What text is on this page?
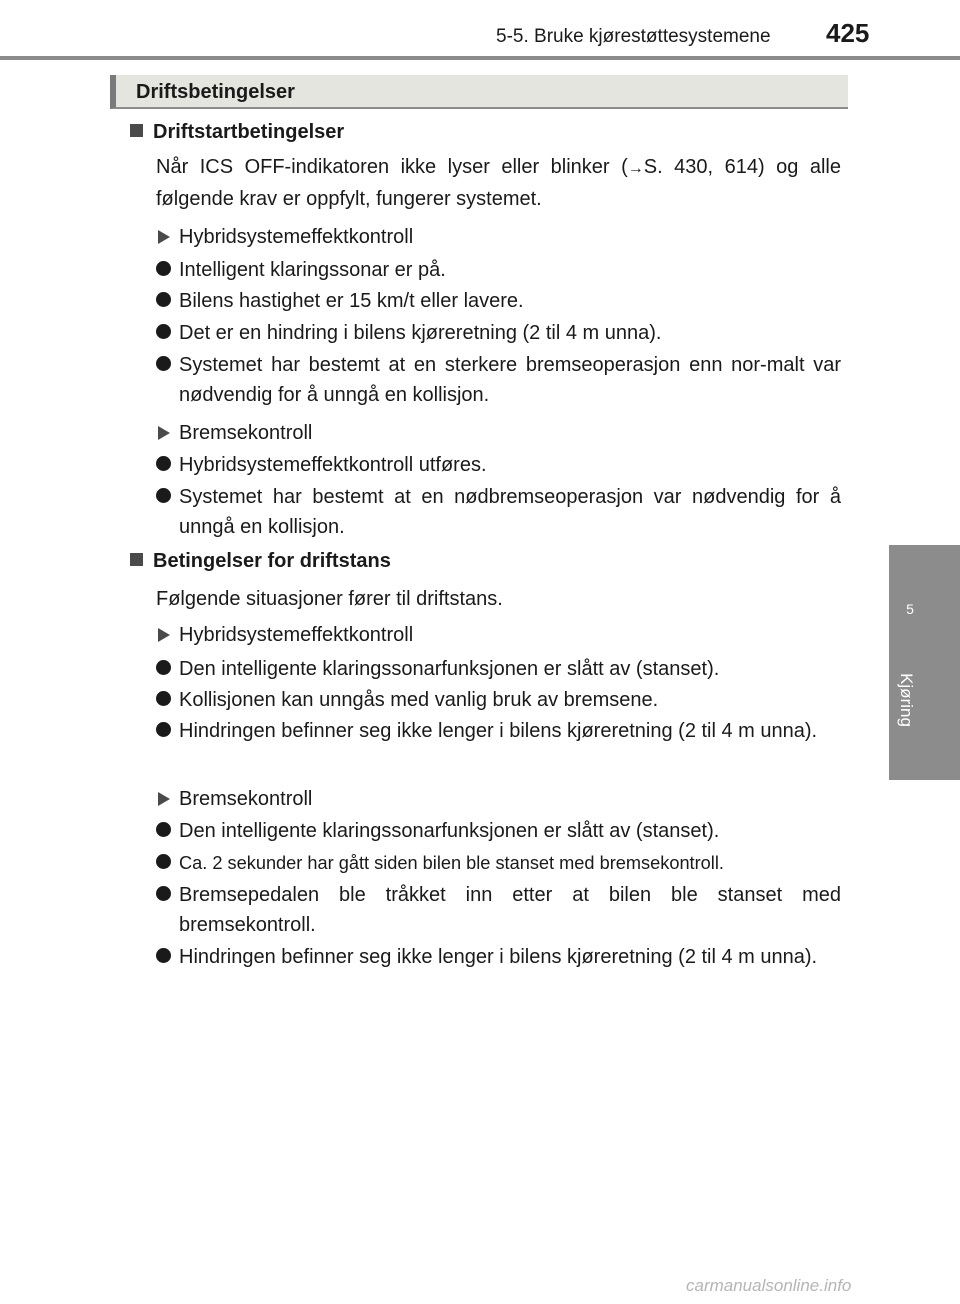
5-5. Bruke kjørestøttesystemene 425
5
Kjøring
Driftsbetingelser
Driftstartbetingelser
Når ICS OFF-indikatoren ikke lyser eller blinker (→S. 430, 614) og alle følgende krav er oppfylt, fungerer systemet.
Hybridsystemeffektkontroll
Intelligent klaringssonar er på.
Bilens hastighet er 15 km/t eller lavere.
Det er en hindring i bilens kjøreretning (2 til 4 m unna).
Systemet har bestemt at en sterkere bremseoperasjon enn nor-malt var nødvendig for å unngå en kollisjon.
Bremsekontroll
Hybridsystemeffektkontroll utføres.
Systemet har bestemt at en nødbremseoperasjon var nødvendig for å unngå en kollisjon.
Betingelser for driftstans
Følgende situasjoner fører til driftstans.
Hybridsystemeffektkontroll
Den intelligente klaringssonarfunksjonen er slått av (stanset).
Kollisjonen kan unngås med vanlig bruk av bremsene.
Hindringen befinner seg ikke lenger i bilens kjøreretning (2 til 4 m unna).
Bremsekontroll
Den intelligente klaringssonarfunksjonen er slått av (stanset).
Ca. 2 sekunder har gått siden bilen ble stanset med bremsekontroll.
Bremsepedalen ble tråkket inn etter at bilen ble stanset med bremsekontroll.
Hindringen befinner seg ikke lenger i bilens kjøreretning (2 til 4 m unna).
carmanualsonline.info
